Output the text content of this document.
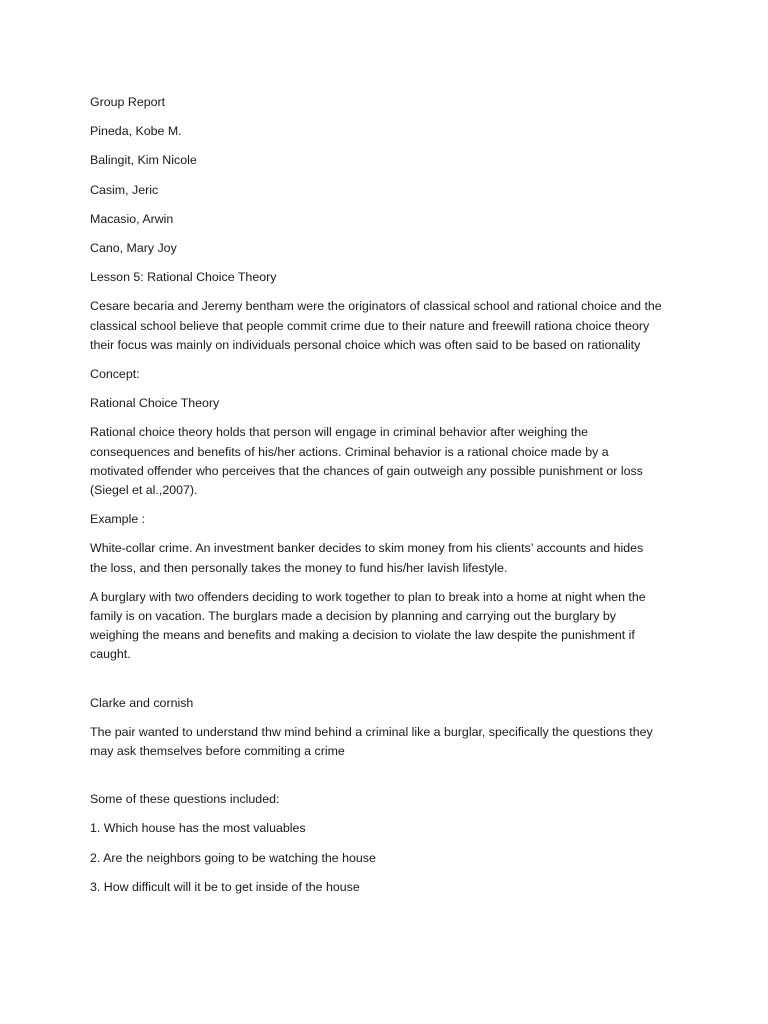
Group Report

Pineda, Kobe M.

Balingit, Kim Nicole

Casim, Jeric

Macasio, Arwin

Cano, Mary Joy

Lesson 5: Rational Choice Theory

Cesare becaria and Jeremy bentham were the originators of classical school and rational choice and the

classical school believe that people commit crime due to their nature and freewill rationa choice theory

their focus was mainly on individuals personal choice which was often said to be based on rationality

Concept:

Rational Choice Theory

Rational choice theory holds that person will engage in criminal behavior after weighing the

consequences and benefits of his/her actions. Criminal behavior is a rational choice made by a

motivated offender who perceives that the chances of gain outweigh any possible punishment or loss

(Siegel et al.,2007).

Example :

White-collar crime. An investment banker decides to skim money from his clients’ accounts and hides

the loss, and then personally takes the money to fund his/her lavish lifestyle.

A burglary with two offenders deciding to work together to plan to break into a home at night when the

family is on vacation. The burglars made a decision by planning and carrying out the burglary by

weighing the means and benefits and making a decision to violate the law despite the punishment if

caught.

Clarke and cornish

The pair wanted to understand thw mind behind a criminal like a burglar, specifically the questions they

may ask themselves before commiting a crime

Some of these questions included:

1. Which house has the most valuables

2. Are the neighbors going to be watching the house

3. How difficult will it be to get inside of the house
